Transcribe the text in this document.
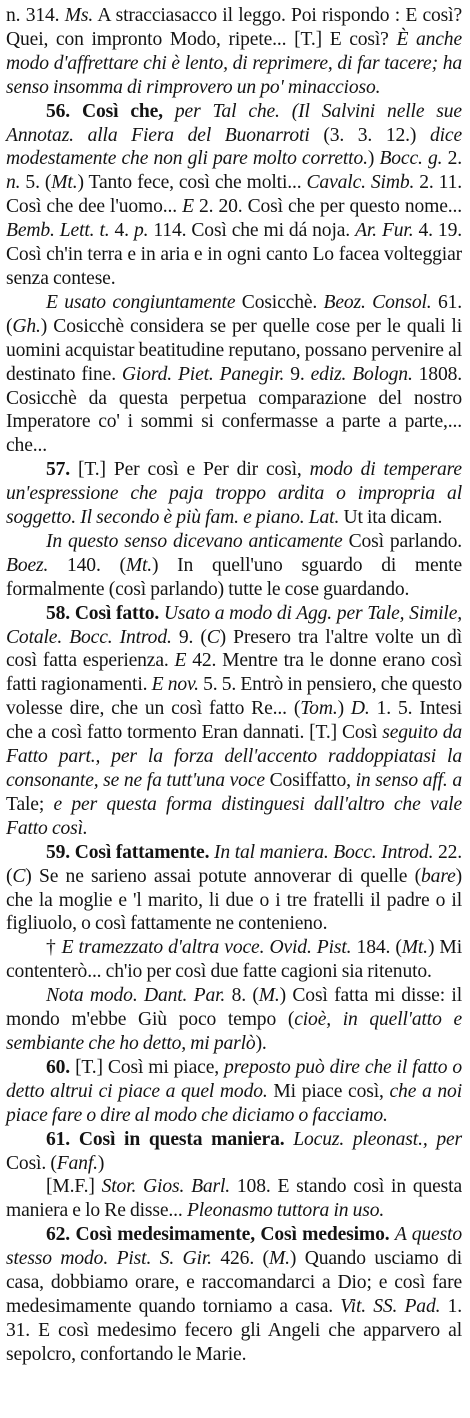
n. 314. Ms. A stracciasacco il leggo. Poi rispondo : E così? Quei, con impronto Modo, ripete... [T.] E così? È anche modo d'affrettare chi è lento, di reprimere, di far tacere; ha senso insomma di rimprovero un po' minaccioso.

56. Così che, per Tal che. (Il Salvini nelle sue Annotaz. alla Fiera del Buonarroti (3. 3. 12.) dice modestamente che non gli pare molto corretto.) Bocc. g. 2. n. 5. (Mt.) Tanto fece, così che molti... Cavalc. Simb. 2. 11. Così che dee l'uomo... E 2. 20. Così che per questo nome... Bemb. Lett. t. 4. p. 114. Così che mi dá noja. Ar. Fur. 4. 19. Così ch'in terra e in aria e in ogni canto Lo facea volteggiar senza contese.

E usato congiuntamente Cosicchè. Beoz. Consol. 61. (Gh.) Cosicchè considera se per quelle cose per le quali li uomini acquistar beatitudine reputano, possano pervenire al destinato fine. Giord. Piet. Panegir. 9. ediz. Bologn. 1808. Cosicchè da questa perpetua comparazione del nostro Imperatore co' i sommi si confermasse a parte a parte,... che...

57. [T.] Per così e Per dir così, modo di temperare un'espressione che paja troppo ardita o impropria al soggetto. Il secondo è più fam. e piano. Lat. Ut ita dicam.

In questo senso dicevano anticamente Così parlando. Boez. 140. (Mt.) In quell'uno sguardo di mente formalmente (così parlando) tutte le cose guardando.

58. Così fatto. Usato a modo di Agg. per Tale, Simile, Cotale. Bocc. Introd. 9. (C) Presero tra l'altre volte un dì così fatta esperienza. E 42. Mentre tra le donne erano così fatti ragionamenti. E nov. 5. 5. Entrò in pensiero, che questo volesse dire, che un così fatto Re... (Tom.) D. 1. 5. Intesi che a così fatto tormento Eran dannati. [T.] Così seguito da Fatto part., per la forza dell'accento raddoppiatasi la consonante, se ne fa tutt'una voce Cosiffatto, in senso aff. a Tale; e per questa forma distinguesi dall'altro che vale Fatto così.

59. Così fattamente. In tal maniera. Bocc. Introd. 22. (C) Se ne sarieno assai potute annoverar di quelle (bare) che la moglie e 'l marito, li due o i tre fratelli il padre o il figliuolo, o così fattamente ne contenieno.

† E tramezzato d'altra voce. Ovid. Pist. 184. (Mt.) Mi contenterò... ch'io per così due fatte cagioni sia ritenuto.

Nota modo. Dant. Par. 8. (M.) Così fatta mi disse: il mondo m'ebbe Giù poco tempo (cioè, in quell'atto e sembiante che ho detto, mi parlò).

60. [T.] Così mi piace, preposto può dire che il fatto o detto altrui ci piace a quel modo. Mi piace così, che a noi piace fare o dire al modo che diciamo o facciamo.

61. Così in questa maniera. Locuz. pleonast., per Così. (Fanf.)

[M.F.] Stor. Gios. Barl. 108. E stando così in questa maniera e lo Re disse... Pleonasmo tuttora in uso.

62. Così medesimamente, Così medesimo. A questo stesso modo. Pist. S. Gir. 426. (M.) Quando usciamo di casa, dobbiamo orare, e raccomandarci a Dio; e così fare medesimamente quando torniamo a casa. Vit. SS. Pad. 1. 31. E così medesimo fecero gli Angeli che apparvero al sepolcro, confortando le Marie.
